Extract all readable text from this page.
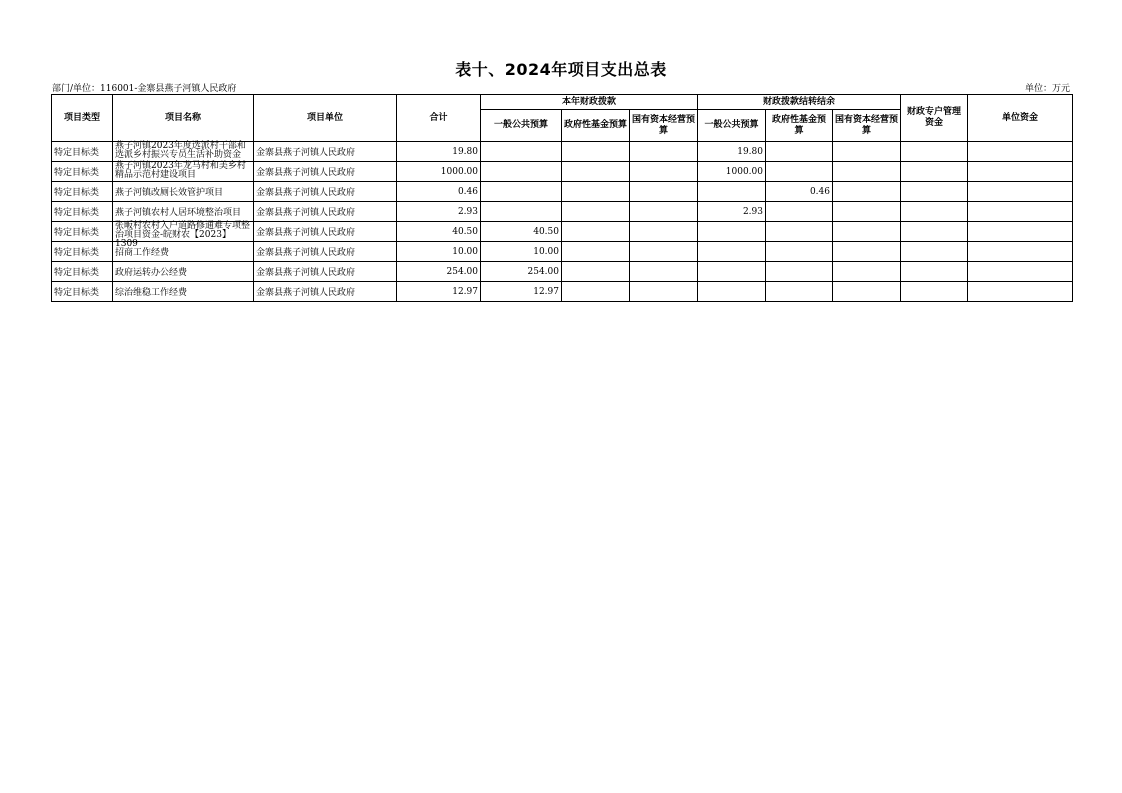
表十、2024年项目支出总表
部门/单位：116001-金寨县燕子河镇人民政府	单位：万元
项目类型	项目名称	项目单位	合计	本年财政拨款			财政拨款结转结余			财政专户管理资金	单位资金
				一般公共预算	政府性基金预算	国有资本经营预算	一般公共预算	政府性基金预算	国有资本经营预算		
特定目标类	燕子河镇2023年度选派村干部和选派乡村振兴专员生活补助资金	金寨县燕子河镇人民政府	19.80				19.80				
特定目标类	燕子河镇2023年龙马村和美乡村精品示范村建设项目	金寨县燕子河镇人民政府	1000.00				1000.00				
特定目标类	燕子河镇改厕长效管护项目	金寨县燕子河镇人民政府	0.46					0.46			
特定目标类	燕子河镇农村人居环境整治项目	金寨县燕子河镇人民政府	2.93				2.93				
特定目标类	张畈村农村入户道路修通难专项整治项目资金-皖财农【2023】1309	金寨县燕子河镇人民政府	40.50	40.50							
特定目标类	招商工作经费	金寨县燕子河镇人民政府	10.00	10.00							
特定目标类	政府运转办公经费	金寨县燕子河镇人民政府	254.00	254.00							
特定目标类	综治维稳工作经费	金寨县燕子河镇人民政府	12.97	12.97							
